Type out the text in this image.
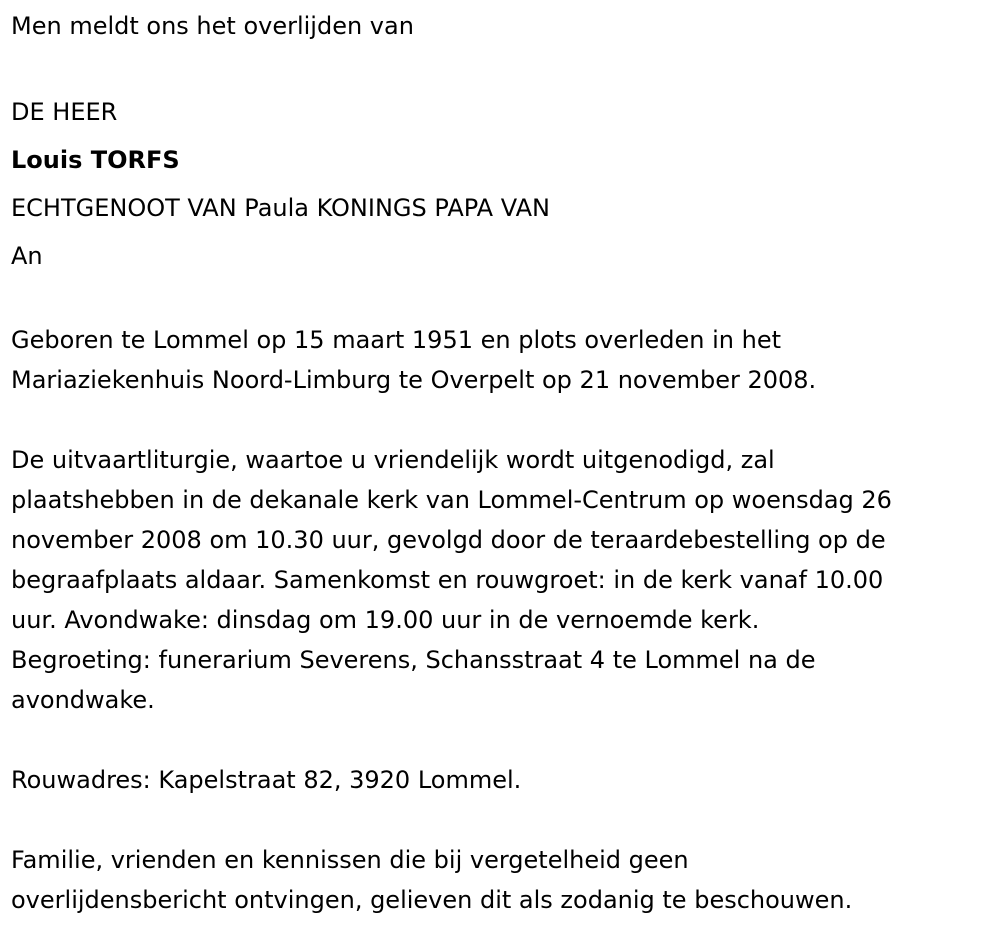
Men meldt ons het overlijden van
DE HEER
Louis TORFS
ECHTGENOOT VAN Paula KONINGS PAPA VAN
An
Geboren te Lommel op 15 maart 1951 en plots overleden in het
Mariaziekenhuis Noord-Limburg te Overpelt op 21 november 2008.
De uitvaartliturgie, waartoe u vriendelijk wordt uitgenodigd, zal
plaatshebben in de dekanale kerk van Lommel-Centrum op woensdag 26
november 2008 om 10.30 uur, gevolgd door de teraardebestelling op de
begraafplaats aldaar. Samenkomst en rouwgroet: in de kerk vanaf 10.00
uur. Avondwake: dinsdag om 19.00 uur in de vernoemde kerk.
Begroeting: funerarium Severens, Schansstraat 4 te Lommel na de
avondwake.
Rouwadres: Kapelstraat 82, 3920 Lommel.
Familie, vrienden en kennissen die bij vergetelheid geen
overlijdensbericht ontvingen, gelieven dit als zodanig te beschouwen.
